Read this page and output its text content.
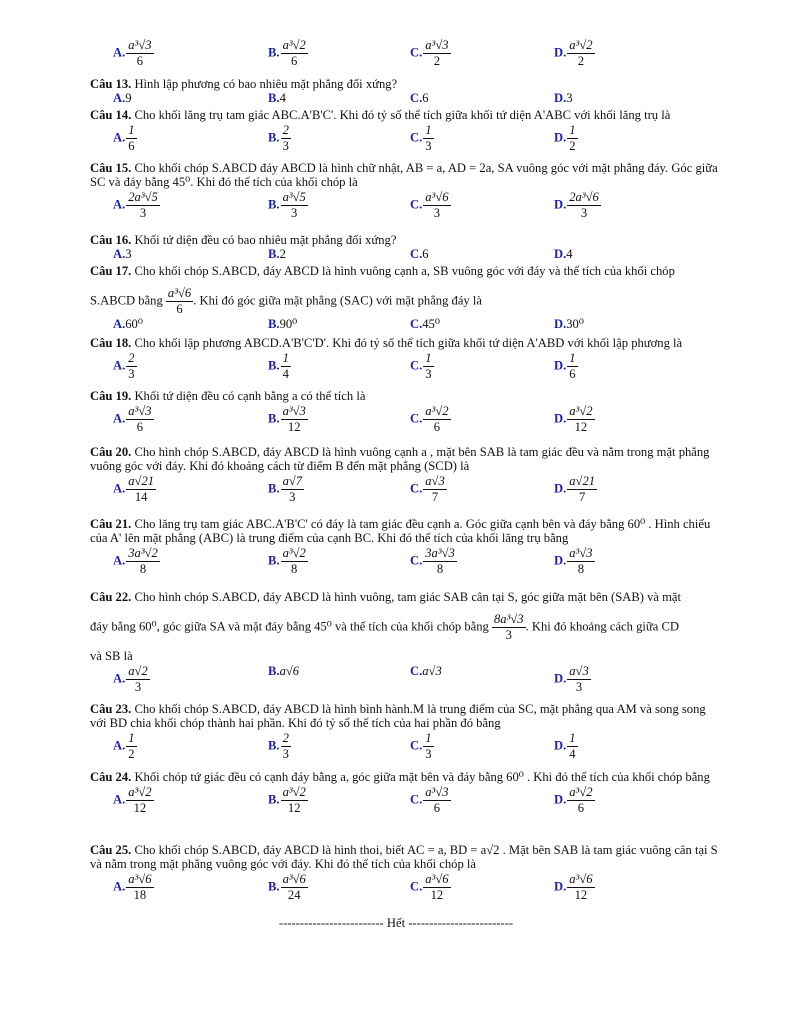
A. $\frac{\text{a³√3}}{6}$	B. $\frac{\text{a³√2}}{6}$	C. $\frac{\text{a³√3}}{2}$	D. $\frac{\text{a³√2}}{2}$
Câu 13. Hình lập phương có bao nhiêu mặt phẳng đối xứng?
A.9	B.4	C.6	D.3
Câu 14. Cho khối lăng trụ tam giác ABC.A'B'C'. Khi đó tỷ số thể tích giữa khối tứ diện A'ABC với khối lăng trụ là
A. $\frac{1}{6}$	B. $\frac{2}{3}$	C. $\frac{1}{3}$	D. $\frac{1}{2}$
Câu 15. Cho khối chóp S.ABCD đáy ABCD là hình chữ nhật, AB = a, AD = 2a, SA vuông góc với mặt phẳng đáy. Góc giữa SC và đáy bằng 45⁰. Khi đó thể tích của khối chóp là
A. $\frac{\text{2a³√5}}{3}$	B. $\frac{\text{a³√5}}{3}$	C. $\frac{\text{a³√6}}{3}$	D. $\frac{\text{2a³√6}}{3}$
Câu 16. Khối tứ diện đều có bao nhiêu mặt phẳng đối xứng?
A.3	B.2	C.6	D.4
Câu 17. Cho khối chóp S.ABCD, đáy ABCD là hình vuông cạnh a, SB vuông góc với đáy và thể tích của khối chóp
S.ABCD bằng $\frac{\text{a³√6}}{6}$ . Khi đó góc giữa mặt phẳng (SAC) với mặt phẳng đáy là
A.60⁰	B.90⁰	C.45⁰	D.30⁰
Câu 18. Cho khối lập phương ABCD.A'B'C'D'. Khi đó tỷ số thể tích giữa khối tứ diện A'ABD với khối lập phương là
A. $\frac{2}{3}$	B. $\frac{1}{4}$	C. $\frac{1}{3}$	D. $\frac{1}{6}$
Câu 19. Khối tứ diện đều có cạnh bằng a có thể tích là
A. $\frac{\text{a³√3}}{6}$	B. $\frac{\text{a³√3}}{12}$	C. $\frac{\text{a³√2}}{6}$	D. $\frac{\text{a³√2}}{12}$
Câu 20. Cho hình chóp S.ABCD, đáy ABCD là hình vuông cạnh a , mặt bên SAB là tam giác đều và nằm trong mặt phẳng vuông góc với đáy. Khi đó khoảng cách từ điểm B đến mặt phẳng (SCD) là
A. $\frac{a√21}{14}$	B. $\frac{a√7}{3}$	C. $\frac{a√3}{7}$	D. $\frac{a√21}{7}$
Câu 21. Cho lăng trụ tam giác ABC.A'B'C' có đáy là tam giác đều cạnh a. Góc giữa cạnh bên và đáy bằng 60⁰ . Hình chiếu của A' lên mặt phẳng (ABC) là trung điểm của cạnh BC. Khi đó thể tích của khối lăng trụ bằng
A. $\frac{\text{3a³√2}}{8}$	B. $\frac{\text{a³√2}}{8}$	C. $\frac{\text{3a³√3}}{8}$	D. $\frac{\text{a³√3}}{8}$
Câu 22. Cho hình chóp S.ABCD, đáy ABCD là hình vuông, tam giác SAB cân tại S, góc giữa mặt bên (SAB) và mặt
đáy bằng 60⁰, góc giữa SA và mặt đáy bằng 45⁰ và thể tích của khối chóp bằng $\frac{\text{8a³√3}}{3}$ . Khi đó khoảng cách giữa CD
và SB là
A. $\frac{a√2}{3}$	B.a√6	C.a√3
D. $\frac{a√3}{3}$
Câu 23. Cho khối chóp S.ABCD, đáy ABCD là hình bình hành.M là trung điểm của SC, mặt phẳng qua AM và song song với BD chia khối chóp thành hai phần. Khi đó tỷ số thể tích của hai phần đó bằng
A. $\frac{1}{2}$	B. $\frac{2}{3}$	C. $\frac{1}{3}$	D. $\frac{1}{4}$
Câu 24. Khối chóp tứ giác đều có cạnh đáy bằng a, góc giữa mặt bên và đáy bằng 60⁰ . Khi đó thể tích của khối chóp bằng
A. $\frac{\text{a³√2}}{12}$	B. $\frac{\text{a³√2}}{12}$	C. $\frac{\text{a³√3}}{6}$	D. $\frac{\text{a³√2}}{6}$
Câu 25. Cho khối chóp S.ABCD, đáy ABCD là hình thoi, biết AC = a, BD = a√2 . Mặt bên SAB là tam giác vuông cân tại S và nằm trong mặt phẳng vuông góc với đáy. Khi đó thể tích của khối chóp là
A. $\frac{\text{a³√6}}{18}$	B. $\frac{\text{a³√6}}{24}$	C. $\frac{\text{a³√6}}{12}$	D. $\frac{\text{a³√6}}{12}$
------------------------- Hết -------------------------
